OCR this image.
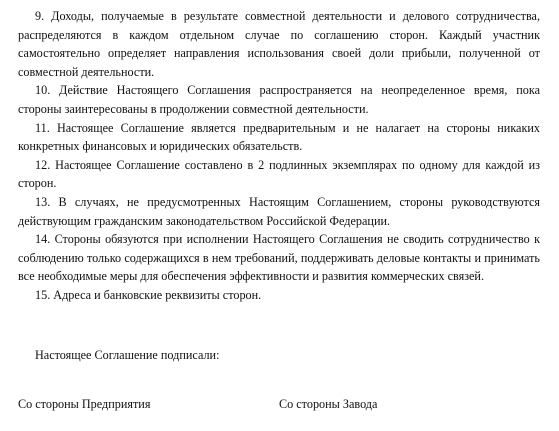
9. Доходы, получаемые в результате совместной деятельности и делового сотрудничества, распределяются в каждом отдельном случае по соглашению сторон. Каждый участник самостоятельно определяет направления использования своей доли прибыли, полученной от совместной деятельности.

10. Действие Настоящего Соглашения распространяется на неопределенное время, пока стороны заинтересованы в продолжении совместной деятельности.

11. Настоящее Соглашение является предварительным и не налагает на стороны никаких конкретных финансовых и юридических обязательств.

12. Настоящее Соглашение составлено в 2 подлинных экземплярах по одному для каждой из сторон.

13. В случаях, не предусмотренных Настоящим Соглашением, стороны руководствуются действующим гражданским законодательством Российской Федерации.

14. Стороны обязуются при исполнении Настоящего Соглашения не сводить сотрудничество к соблюдению только содержащихся в нем требований, поддерживать деловые контакты и принимать все необходимые меры для обеспечения эффективности и развития коммерческих связей.

15. Адреса и банковские реквизиты сторон.

Настоящее Соглашение подписали:

Со стороны Предприятия	Со стороны Завода
